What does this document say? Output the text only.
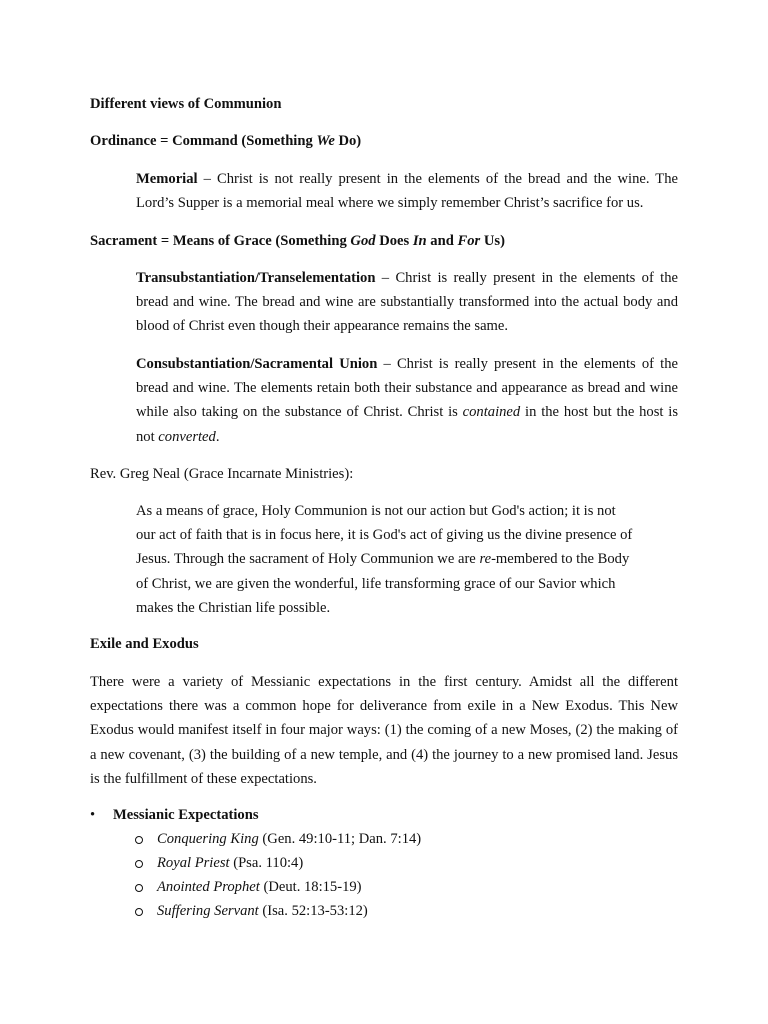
Different views of Communion
Ordinance = Command (Something We Do)

Memorial – Christ is not really present in the elements of the bread and the wine. The Lord’s Supper is a memorial meal where we simply remember Christ’s sacrifice for us.

Sacrament = Means of Grace (Something God Does In and For Us)

Transubstantiation/Transelementation – Christ is really present in the elements of the bread and wine. The bread and wine are substantially transformed into the actual body and blood of Christ even though their appearance remains the same.

Consubstantiation/Sacramental Union – Christ is really present in the elements of the bread and wine. The elements retain both their substance and appearance as bread and wine while also taking on the substance of Christ. Christ is contained in the host but the host is not converted.

Rev. Greg Neal (Grace Incarnate Ministries):

As a means of grace, Holy Communion is not our action but God's action; it is not our act of faith that is in focus here, it is God's act of giving us the divine presence of Jesus. Through the sacrament of Holy Communion we are re-membered to the Body of Christ, we are given the wonderful, life transforming grace of our Savior which makes the Christian life possible.

Exile and Exodus

There were a variety of Messianic expectations in the first century. Amidst all the different expectations there was a common hope for deliverance from exile in a New Exodus. This New Exodus would manifest itself in four major ways: (1) the coming of a new Moses, (2) the making of a new covenant, (3) the building of a new temple, and (4) the journey to a new promised land. Jesus is the fulfillment of these expectations.

• Messianic Expectations
Conquering King (Gen. 49:10-11; Dan. 7:14)
Royal Priest (Psa. 110:4)
Anointed Prophet (Deut. 18:15-19)
Suffering Servant (Isa. 52:13-53:12)
